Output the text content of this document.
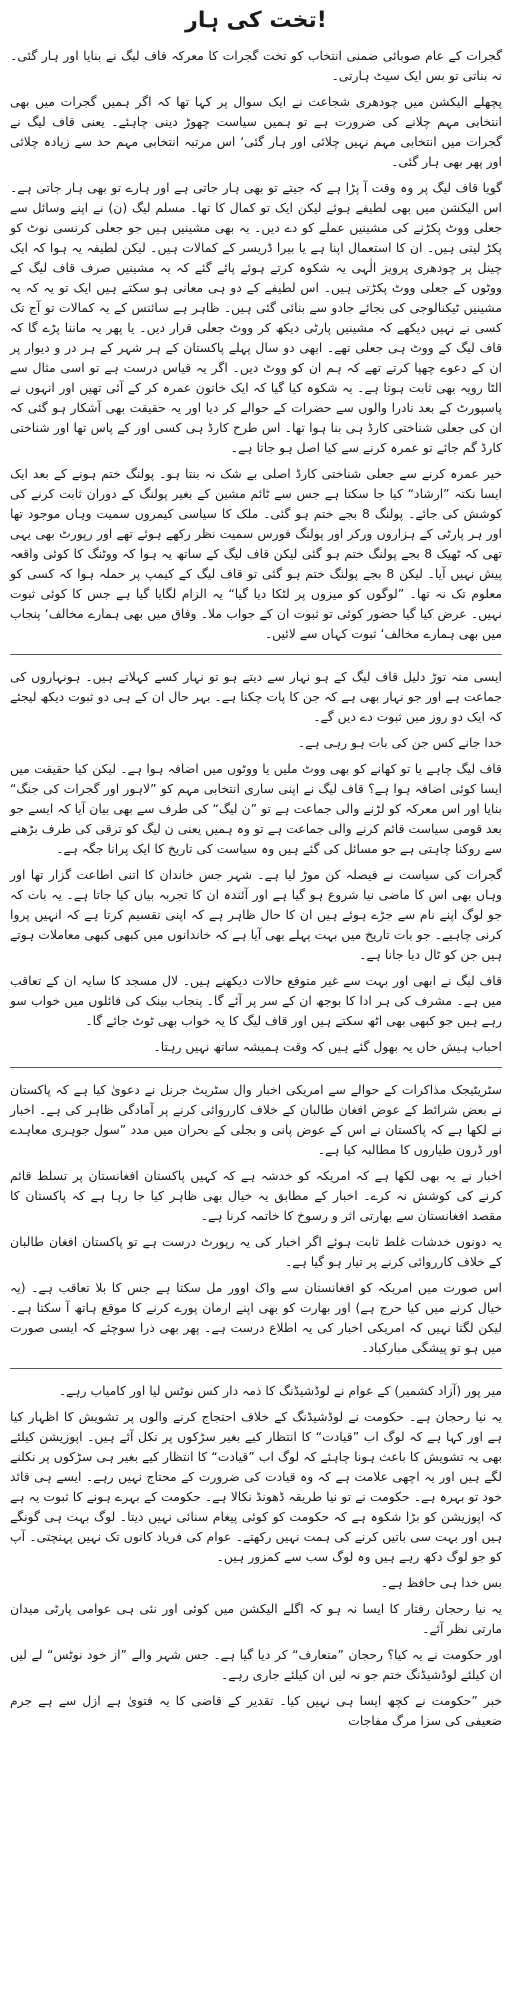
تخت کی ہار!

گجرات کے عام صوبائی ضمنی انتخاب کو تخت گجرات کا معرکہ قاف لیگ نے بنایا اور ہار گئی۔ نہ بناتی تو بس ایک سیٹ ہارتی۔

پچھلے الیکشن میں چودھری شجاعت نے ایک سوال پر کہا تھا کہ اگر ہمیں گجرات میں بھی انتخابی مہم چلانے کی ضرورت ہے تو ہمیں سیاست چھوڑ دینی چاہئے۔ یعنی قاف لیگ نے گجرات میں انتخابی مہم نہیں چلائی اور ہار گئی‘ اس مرتبہ انتخابی مہم حد سے زیادہ چلائی اور پھر بھی ہار گئی۔

گویا قاف لیگ پر وہ وقت آ پڑا ہے کہ جیتے تو بھی ہار جاتی ہے اور ہارے تو بھی ہار جاتی ہے۔ اس الیکشن میں بھی لطیفے ہوئے لیکن ایک تو کمال کا تھا۔ مسلم لیگ (ن) نے اپنے وسائل سے جعلی ووٹ پکڑنے کی مشینیں عملے کو دے دیں۔ یہ بھی مشینیں ہیں جو جعلی کرنسی نوٹ کو پکڑ لیتی ہیں۔ ان کا استعمال اپنا ہے یا بیرا ڈریسر کے کمالات ہیں۔ لیکن لطیفہ یہ ہوا کہ ایک چینل پر چودھری پرویز الٰہی یہ شکوہ کرتے ہوئے پائے گئے کہ یہ مشینیں صرف قاف لیگ کے ووٹوں کے جعلی ووٹ پکڑتی ہیں۔ اس لطیفے کے دو ہی معانی ہو سکتے ہیں ایک تو یہ کہ یہ مشینیں ٹیکنالوجی کی بجائے جادو سے بنائی گئی ہیں۔ ظاہر ہے سائنس کے یہ کمالات تو آج تک کسی نے نہیں دیکھے کہ مشینیں پارٹی دیکھ کر ووٹ جعلی قرار دیں۔ یا پھر یہ ماننا پڑے گا کہ قاف لیگ کے ووٹ ہی جعلی تھے۔ ابھی دو سال پہلے پاکستان کے ہر شہر کے ہر در و دیوار پر ان کے دعوے چھپا کرتے تھے کہ ہم ان کو ووٹ دیں۔ اگر یہ قیاس درست ہے تو اسی مثال سے الٹا رویہ بھی ثابت ہوتا ہے۔ یہ شکوہ کیا گیا کہ ایک خاتون عمرہ کر کے آئی تھیں اور انہوں نے پاسپورٹ کے بعد نادرا والوں سے حضرات کے حوالے کر دیا اور یہ حقیقت بھی آشکار ہو گئی کہ ان کی جعلی شناختی کارڈ ہی بنا ہوا تھا۔ اس طرح کارڈ ہی کسی اور کے پاس تھا اور شناختی کارڈ گم جائے تو عمرہ کرنے سے کیا اصل ہو جاتا ہے۔

خیر عمرہ کرنے سے جعلی شناختی کارڈ اصلی بے شک نہ بنتا ہو۔ پولنگ ختم ہونے کے بعد ایک ایسا نکتہ ”ارشاد“ کیا جا سکتا ہے جس سے ٹائم مشین کے بغیر پولنگ کے دوران ثابت کرنے کی کوشش کی جائے۔ پولنگ 8 بجے ختم ہو گئی۔ ملک کا سیاسی کیمروں سمیت وہاں موجود تھا اور ہر پارٹی کے ہزاروں ورکر اور پولنگ فورس سمیت نظر رکھے ہوئے تھے اور رپورٹ بھی یہی تھی کہ ٹھیک 8 بجے پولنگ ختم ہو گئی لیکن قاف لیگ کے ساتھ یہ ہوا کہ ووٹنگ کا کوئی واقعہ پیش نہیں آیا۔ لیکن 8 بجے پولنگ ختم ہو گئی تو قاف لیگ کے کیمپ پر حملہ ہوا کہ کسی کو معلوم تک نہ تھا۔ ”لوگوں کو میزوں پر لٹکا دیا گیا“ یہ الزام لگایا گیا ہے جس کا کوئی ثبوت نہیں۔ عرض کیا گیا حضور کوئی تو ثبوت ان کے جواب ملا۔ وفاق میں بھی ہمارے مخالف‘ پنجاب میں بھی ہمارے مخالف‘ ثبوت کہاں سے لائیں۔

ایسی منہ توڑ دلیل قاف لیگ کے ہو نہار سے دیتے ہو تو نہار کسے کہلاتے ہیں۔ ہونہاروں کی جماعت ہے اور جو نہار بھی ہے کہ جن کا پات چکنا ہے۔ بہر حال ان کے ہی دو ثبوت دیکھ لیجئے کہ ایک دو روز میں ثبوت دے دیں گے۔

خدا جانے کس جن کی بات ہو رہی ہے۔

قاف لیگ چاہے یا تو کھانے کو بھی ووٹ ملیں یا ووٹوں میں اضافہ ہوا ہے۔ لیکن کیا حقیقت میں ایسا کوئی اضافہ ہوا ہے؟ قاف لیگ نے اپنی ساری انتخابی مہم کو ”لاہور اور گجرات کی جنگ“ بنایا اور اس معرکہ کو لڑنے والی جماعت ہے تو ”ن لیگ“ کی طرف سے بھی بیان آیا کہ ایسے جو بعد قومی سیاست قائم کرنے والی جماعت ہے تو وہ ہمیں یعنی ن لیگ کو ترقی کی طرف بڑھنے سے روکنا چاہتی ہے جو مسائل کی گئے ہیں وہ سیاست کی تاریخ کا ایک پرانا جگہ ہے۔

گجرات کی سیاست نے فیصلہ کن موڑ لیا ہے۔ شہر جس خاندان کا اتنی اطاعت گزار تھا اور وہاں بھی اس کا ماضی نیا شروع ہو گیا ہے اور آئندہ ان کا تجربہ بیاں کیا جاتا ہے۔ یہ بات کہ جو لوگ اپنے نام سے جڑے ہوئے ہیں ان کا حال ظاہر ہے کہ اپنی تقسیم کرتا ہے کہ انہیں پروا کرنی چاہیے۔ جو بات تاریخ میں بہت پہلے بھی آیا ہے کہ خاندانوں میں کبھی کبھی معاملات ہوتے ہیں جن کو ٹال دیا جانا ہے۔

قاف لیگ نے ابھی اور بہت سے غیر متوقع حالات دیکھنے ہیں۔ لال مسجد کا سایہ ان کے تعاقب میں ہے۔ مشرف کی ہر ادا کا بوجھ ان کے سر پر آئے گا۔ پنجاب بینک کی فائلوں میں خواب سو رہے ہیں جو کبھی بھی اٹھ سکتے ہیں اور قاف لیگ کا یہ خواب بھی ٹوٹ جائے گا۔

احباب ہیش خاں یہ بھول گئے ہیں کہ وقت ہمیشہ ساتھ نہیں رہتا۔

سٹریٹیجک مذاکرات کے حوالے سے امریکی اخبار وال سٹریٹ جرنل نے دعویٰ کیا ہے کہ پاکستان نے بعض شرائط کے عوض افغان طالبان کے خلاف کارروائی کرنے پر آمادگی ظاہر کی ہے۔ اخبار نے لکھا ہے کہ پاکستان نے اس کے عوض پانی و بجلی کے بحران میں مدد ”سول جوہری معاہدے اور ڈرون طیاروں کا مطالبہ کیا ہے۔

اخبار نے یہ بھی لکھا ہے کہ امریکہ کو خدشہ ہے کہ کہیں پاکستان افغانستان پر تسلط قائم کرنے کی کوشش نہ کرے۔ اخبار کے مطابق یہ خیال بھی ظاہر کیا جا رہا ہے کہ پاکستان کا مقصد افغانستان سے بھارتی اثر و رسوخ کا خاتمہ کرنا ہے۔

یہ دونوں خدشات غلط ثابت ہوئے اگر اخبار کی یہ رپورٹ درست ہے تو پاکستان افغان طالبان کے خلاف کارروائی کرنے پر تیار ہو گیا ہے۔

اس صورت میں امریکہ کو افغانستان سے واک اوور مل سکتا ہے جس کا بلا تعاقب ہے۔ (یہ خیال کرنے میں کیا حرج ہے) اور بھارت کو بھی اپنے ارمان پورے کرنے کا موقع ہاتھ آ سکتا ہے۔ لیکن لگتا نہیں کہ امریکی اخبار کی یہ اطلاع درست ہے۔ پھر بھی ذرا سوچئے کہ ایسی صورت میں ہو تو پیشگی مبارکباد۔

میر پور (آزاد کشمیر) کے عوام نے لوڈشیڈنگ کا ذمہ دار کس نوٹس لیا اور کامیاب رہے۔

یہ نیا رحجان ہے۔ حکومت نے لوڈشیڈنگ کے خلاف احتجاج کرنے والوں پر تشویش کا اظہار کیا ہے اور کہا ہے کہ لوگ اب ”قیادت“ کا انتظار کیے بغیر سڑکوں پر نکل آئے ہیں۔ اپوزیشن کیلئے بھی یہ تشویش کا باعث ہونا چاہئے کہ لوگ اب ”قیادت“ کا انتظار کیے بغیر ہی سڑکوں پر نکلنے لگے ہیں اور یہ اچھی علامت ہے کہ وہ قیادت کی ضرورت کے محتاج نہیں رہے۔ ایسے ہی قائد خود تو بہرہ ہے۔ حکومت نے تو نیا طریقہ ڈھونڈ نکالا ہے۔ حکومت کے بہرے ہونے کا ثبوت یہ ہے کہ اپوزیشن کو بڑا شکوہ ہے کہ حکومت کو کوئی پیغام سنائی نہیں دیتا۔ لوگ بہت ہی گونگے ہیں اور بہت سی باتیں کرنے کی ہمت نہیں رکھتے۔ عوام کی فریاد کانوں تک نہیں پہنچتی۔ آپ کو جو لوگ دکھ رہے ہیں وہ لوگ سب سے کمزور ہیں۔

بس خدا ہی حافظ ہے۔

یہ نیا رحجان رفتار کا ایسا نہ ہو کہ اگلے الیکشن میں کوئی اور نئی ہی عوامی پارٹی میدان مارتی نظر آئے۔

اور حکومت نے یہ کیا؟ رحجان ”متعارف“ کر دیا گیا ہے۔ جس شہر والے ”از خود نوٹس“ لے لیں ان کیلئے لوڈشیڈنگ ختم جو نہ لیں ان کیلئے جاری رہے۔

خبر ”حکومت نے کچھ ایسا ہی نہیں کیا۔ تقدیر کے قاضی کا یہ فتویٰ ہے ازل سے ہے جرم ضعیفی کی سزا مرگ مفاجات
